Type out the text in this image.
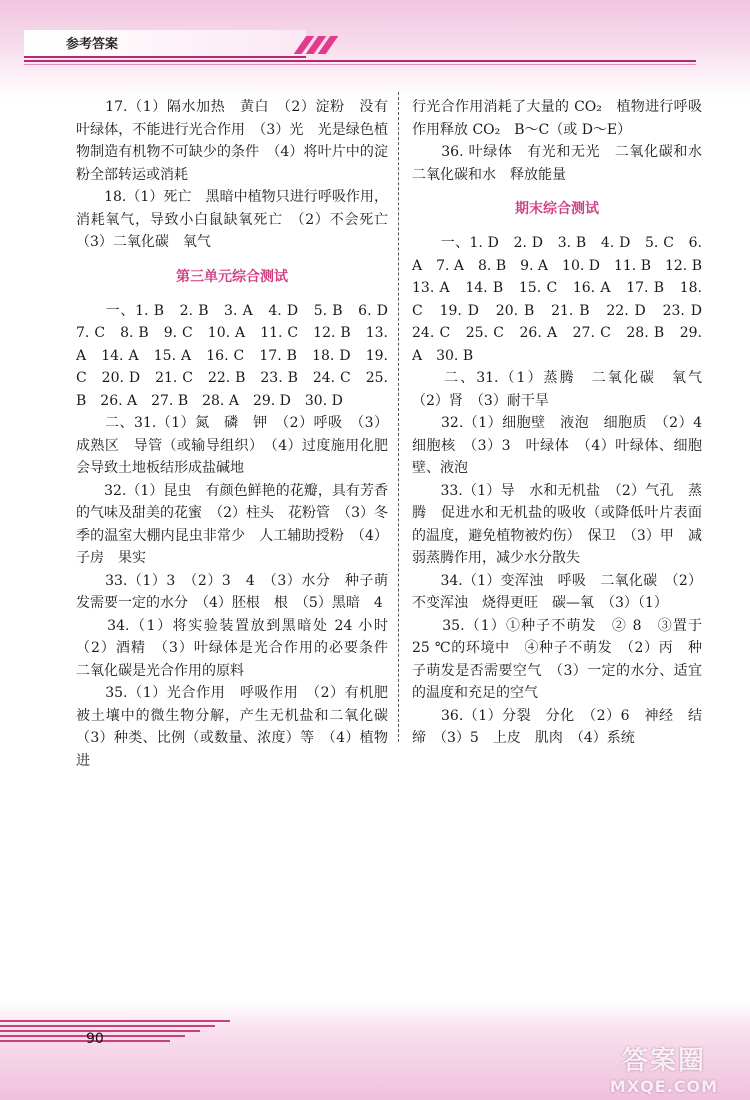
参考答案

　　17.（1）隔水加热　黄白　（2）淀粉　没有叶绿体，不能进行光合作用　（3）光　光是绿色植物制造有机物不可缺少的条件　（4）将叶片中的淀粉全部转运或消耗

　　18.（1）死亡　黑暗中植物只进行呼吸作用，消耗氧气，导致小白鼠缺氧死亡　（2）不会死亡　（3）二氧化碳　氧气

第三单元综合测试

　　一、1. B　2. B　3. A　4. D　5. B　6. D　7. C　8. B　9. C　10. A　11. C　12. B　13. A　14. A　15. A　16. C　17. B　18. D　19. C　20. D　21. C　22. B　23. B　24. C　25. B　26. A　27. B　28. A　29. D　30. D

　　二、31.（1）氮　磷　钾　（2）呼吸　（3）成熟区　导管（或输导组织）　（4）过度施用化肥会导致土地板结形成盐碱地

　　32.（1）昆虫　有颜色鲜艳的花瓣，具有芳香的气味及甜美的花蜜　（2）柱头　花粉管　（3）冬季的温室大棚内昆虫非常少　人工辅助授粉　（4）子房　果实

　　33.（1）3　（2）3　4　（3）水分　种子萌发需要一定的水分　（4）胚根　根　（5）黑暗　4

　　34.（1）将实验装置放到黑暗处 24 小时　（2）酒精　（3）叶绿体是光合作用的必要条件　二氧化碳是光合作用的原料

　　35.（1）光合作用　呼吸作用　（2）有机肥被土壤中的微生物分解，产生无机盐和二氧化碳　（3）种类、比例（或数量、浓度）等　（4）植物进

行光合作用消耗了大量的 CO₂　植物进行呼吸作用释放 CO₂　B～C（或 D～E）

　　36. 叶绿体　有光和无光　二氧化碳和水　二氧化碳和水　释放能量

期末综合测试

　　一、1. D　2. D　3. B　4. D　5. C　6. A　7. A　8. B　9. A　10. D　11. B　12. B　13. A　14. B　15. C　16. A　17. B　18. C　19. D　20. B　21. B　22. D　23. D　24. C　25. C　26. A　27. C　28. B　29. A　30. B

　　二、31.（1）蒸腾　二氧化碳　氧气　（2）肾　（3）耐干旱

　　32.（1）细胞壁　液泡　细胞质　（2）4　细胞核　（3）3　叶绿体　（4）叶绿体、细胞壁、液泡

　　33.（1）导　水和无机盐　（2）气孔　蒸腾　促进水和无机盐的吸收（或降低叶片表面的温度，避免植物被灼伤）　保卫　（3）甲　减弱蒸腾作用，减少水分散失

　　34.（1）变浑浊　呼吸　二氧化碳　（2）不变浑浊　烧得更旺　碳—氧　（3）（1）

　　35.（1）①种子不萌发　② 8　③置于 25 ℃的环境中　④种子不萌发　（2）丙　种子萌发是否需要空气　（3）一定的水分、适宜的温度和充足的空气

　　36.（1）分裂　分化　（2）6　神经　结缔　（3）5　上皮　肌肉　（4）系统

90
答案圈
MXQE.COM
